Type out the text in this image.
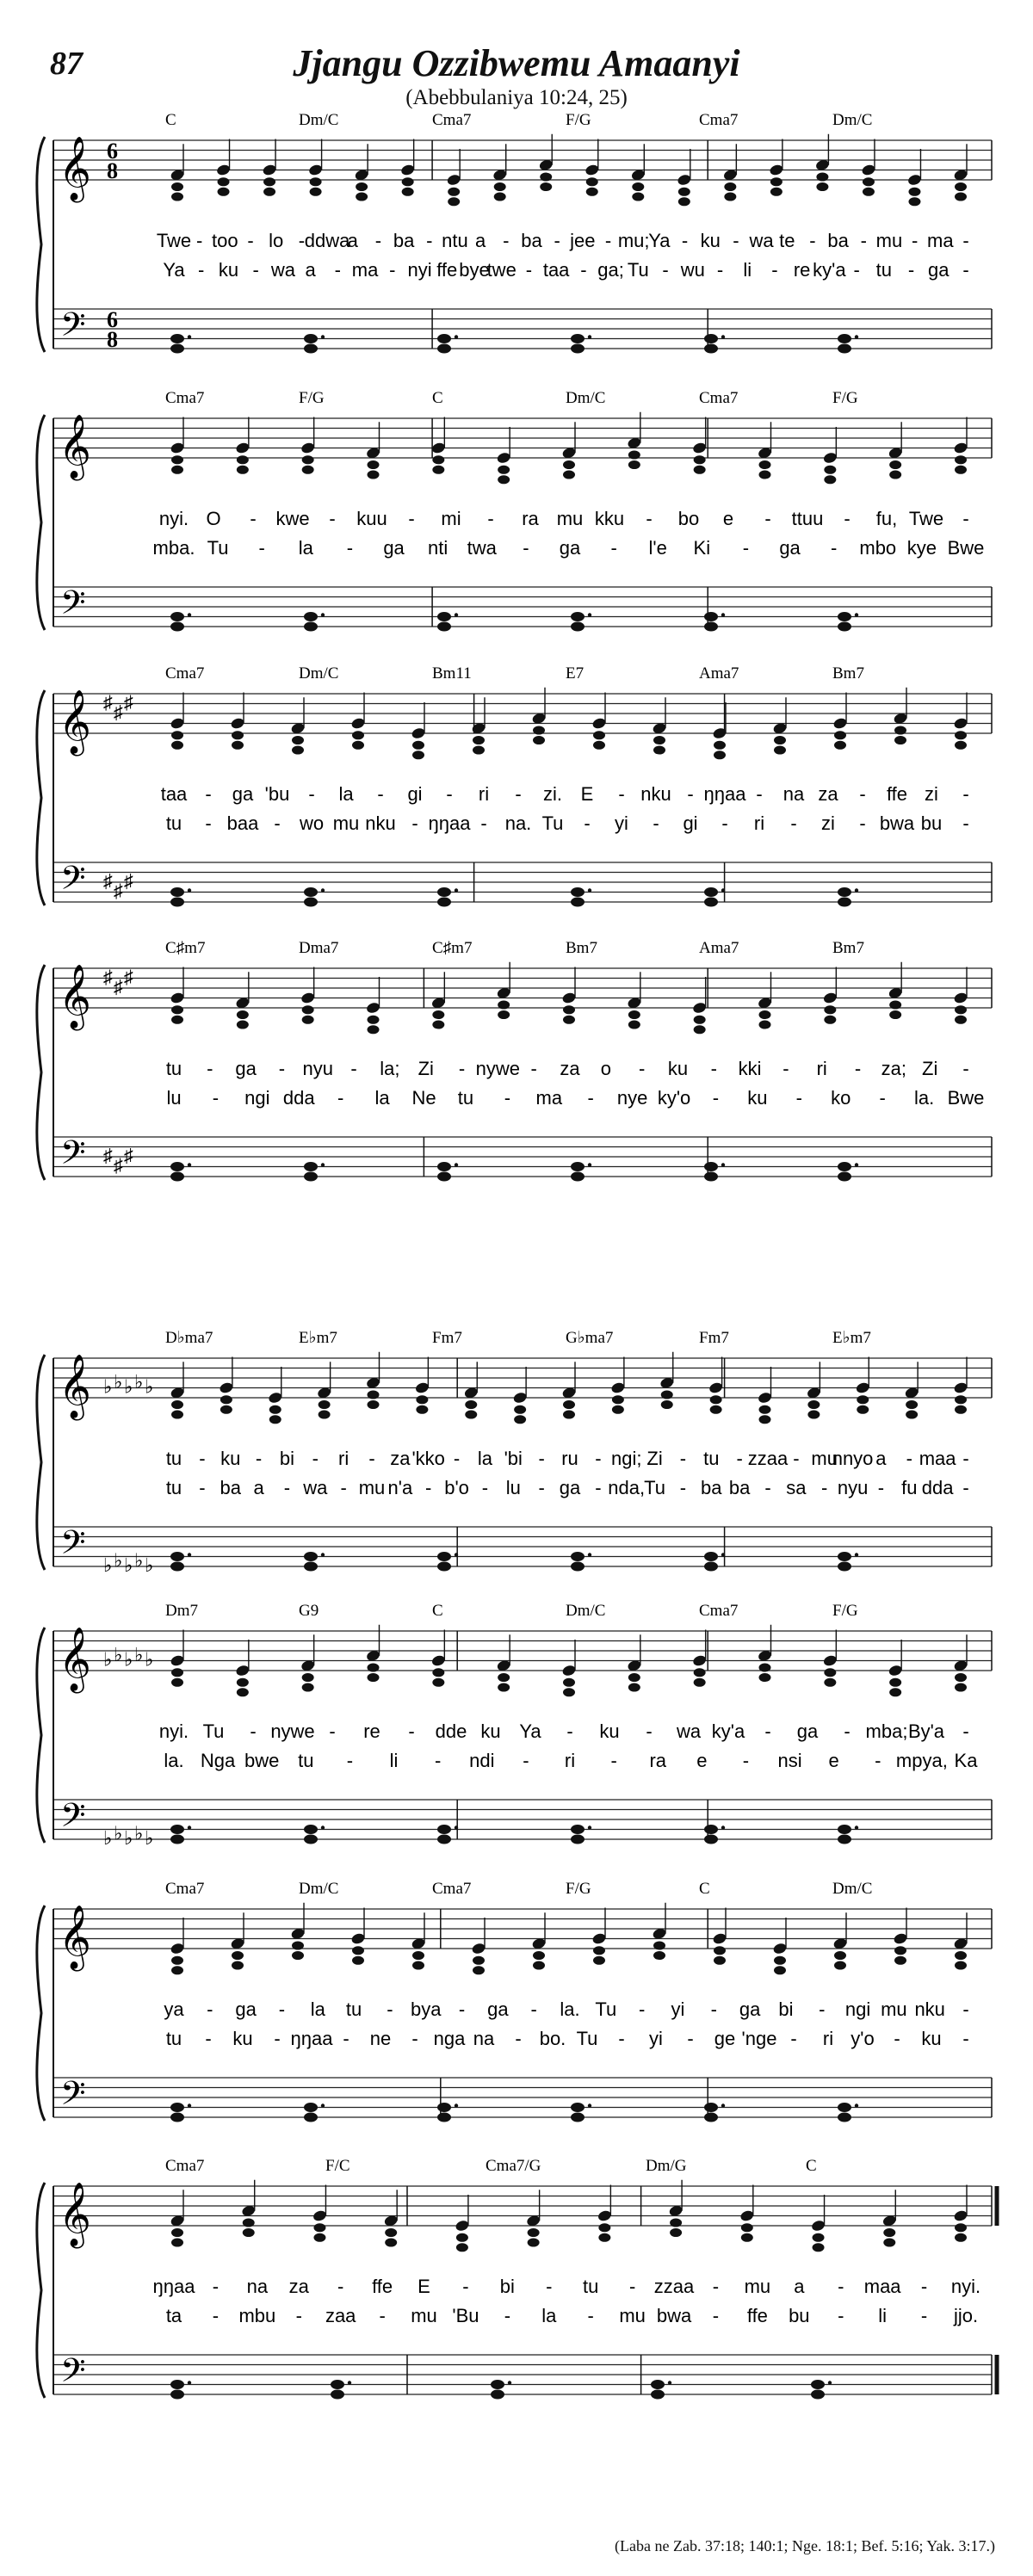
87	Jjangu Ozzibwemu Amaanyi
(Abebbulaniya 10:24, 25)
𝄞
𝄢
6
8
6
8
C	Dm/C	Cma7	F/G	Cma7	Dm/C
Twe - too - lo - ddwa
a - ba - ntu a - ba - jee - mu;
Ya - ku - wa te - ba - mu - ma -
Ya - ku - wa a - ma - nyi ffe bye
twe - taa - ga; Tu - wu - li - re ky'a - tu - ga -
𝄞
𝄢
Cma7	F/G	C	Dm/C	Cma7	F/G
nyi. O - kwe - kuu - mi - ra mu kku - bo e - ttuu - fu, Twe -
mba. Tu - la - ga nti twa - ga - l'e Ki - ga - mbo kye Bwe
𝄞
𝄢
♯
♯
♯
♯
♯
♯
Cma7	Dm/C	Bm11	E7	Ama7	Bm7
taa - ga 'bu - la - gi - ri - zi. E - nku - ŋŋaa - na za - ffe zi -
tu - baa - wo mu nku - ŋŋaa - na. Tu - yi - gi - ri - zi - bwa bu -
𝄞
𝄢
♯
♯
♯
♯
♯
♯
C♯m7	Dma7	C♯m7	Bm7	Ama7	Bm7
tu - ga - nyu - la; Zi - nywe - za o - ku - kki - ri - za; Zi -
lu - ngi dda - la Ne tu - ma - nye ky'o - ku - ko - la. Bwe
𝄞
𝄢
♭
♭
♭
♭
♭
♭
♭
♭
♭
♭
D♭ma7	E♭m7	Fm7	G♭ma7	Fm7	E♭m7
tu - ku - bi - ri - za 'kko - la 'bi - ru - ngi; Zi - tu - zzaa - mu
nnyo a - maa -
tu - ba a - wa - mu n'a - b'o - lu - ga - nda, Tu - ba ba - sa - nyu - fu dda -
𝄞
𝄢
♭
♭
♭
♭
♭
♭
♭
♭
♭
♭
Dm7	G9	C	Dm/C	Cma7	F/G
nyi. Tu - nywe - re - dde ku Ya - ku - wa ky'a - ga - mba; By'a -
la. Nga bwe tu - li - ndi - ri - ra e - nsi e - mpya, Ka
𝄞
𝄢
Cma7	Dm/C	Cma7	F/G	C	Dm/C
ya - ga - la tu - bya - ga - la. Tu - yi - ga bi - ngi mu nku -
tu - ku - ŋŋaa - ne - nga na - bo. Tu - yi - ge 'nge - ri y'o - ku -
𝄞
𝄢
Cma7	F/C	Cma7/G	Dm/G	C
ŋŋaa - na za - ffe E - bi - tu - zzaa - mu a - maa - nyi.
ta - mbu - zaa - mu 'Bu - la - mu bwa - ffe bu - li - jjo.
(Laba ne Zab. 37:18; 140:1; Nge. 18:1; Bef. 5:16; Yak. 3:17.)
